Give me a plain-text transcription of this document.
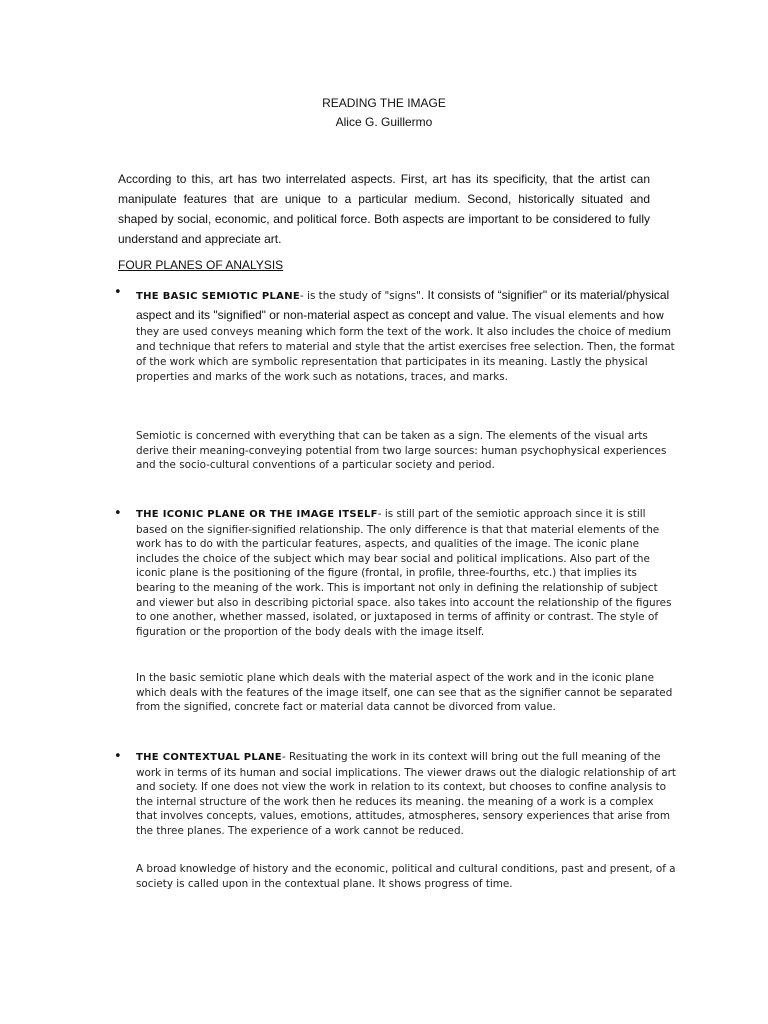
READING THE IMAGE
Alice G. Guillermo
According to this, art has two interrelated aspects. First, art has its specificity, that the artist can manipulate features that are unique to a particular medium. Second, historically situated and shaped by social, economic, and political force. Both aspects are important to be considered to fully understand and appreciate art.
FOUR PLANES OF ANALYSIS
• THE BASIC SEMIOTIC PLANE- is the study of "signs". It consists of “signifier" or its material/physical aspect and its "signified" or non-material aspect as concept and value. The visual elements and how they are used conveys meaning which form the text of the work. It also includes the choice of medium and technique that refers to material and style that the artist exercises free selection. Then, the format of the work which are symbolic representation that participates in its meaning. Lastly the physical properties and marks of the work such as notations, traces, and marks.
Semiotic is concerned with everything that can be taken as a sign. The elements of the visual arts derive their meaning-conveying potential from two large sources: human psychophysical experiences and the socio-cultural conventions of a particular society and period.
• THE ICONIC PLANE OR THE IMAGE ITSELF- is still part of the semiotic approach since it is still based on the signifier-signified relationship. The only difference is that that material elements of the work has to do with the particular features, aspects, and qualities of the image. The iconic plane includes the choice of the subject which may bear social and political implications. Also part of the iconic plane is the positioning of the figure (frontal, in profile, three-fourths, etc.) that implies its bearing to the meaning of the work. This is important not only in defining the relationship of subject and viewer but also in describing pictorial space. also takes into account the relationship of the figures to one another, whether massed, isolated, or juxtaposed in terms of affinity or contrast. The style of figuration or the proportion of the body deals with the image itself.
In the basic semiotic plane which deals with the material aspect of the work and in the iconic plane which deals with the features of the image itself, one can see that as the signifier cannot be separated from the signified, concrete fact or material data cannot be divorced from value.
• THE CONTEXTUAL PLANE- Resituating the work in its context will bring out the full meaning of the work in terms of its human and social implications. The viewer draws out the dialogic relationship of art and society. If one does not view the work in relation to its context, but chooses to confine analysis to the internal structure of the work then he reduces its meaning. the meaning of a work is a complex that involves concepts, values, emotions, attitudes, atmospheres, sensory experiences that arise from the three planes. The experience of a work cannot be reduced.
A broad knowledge of history and the economic, political and cultural conditions, past and present, of a society is called upon in the contextual plane. It shows progress of time.
